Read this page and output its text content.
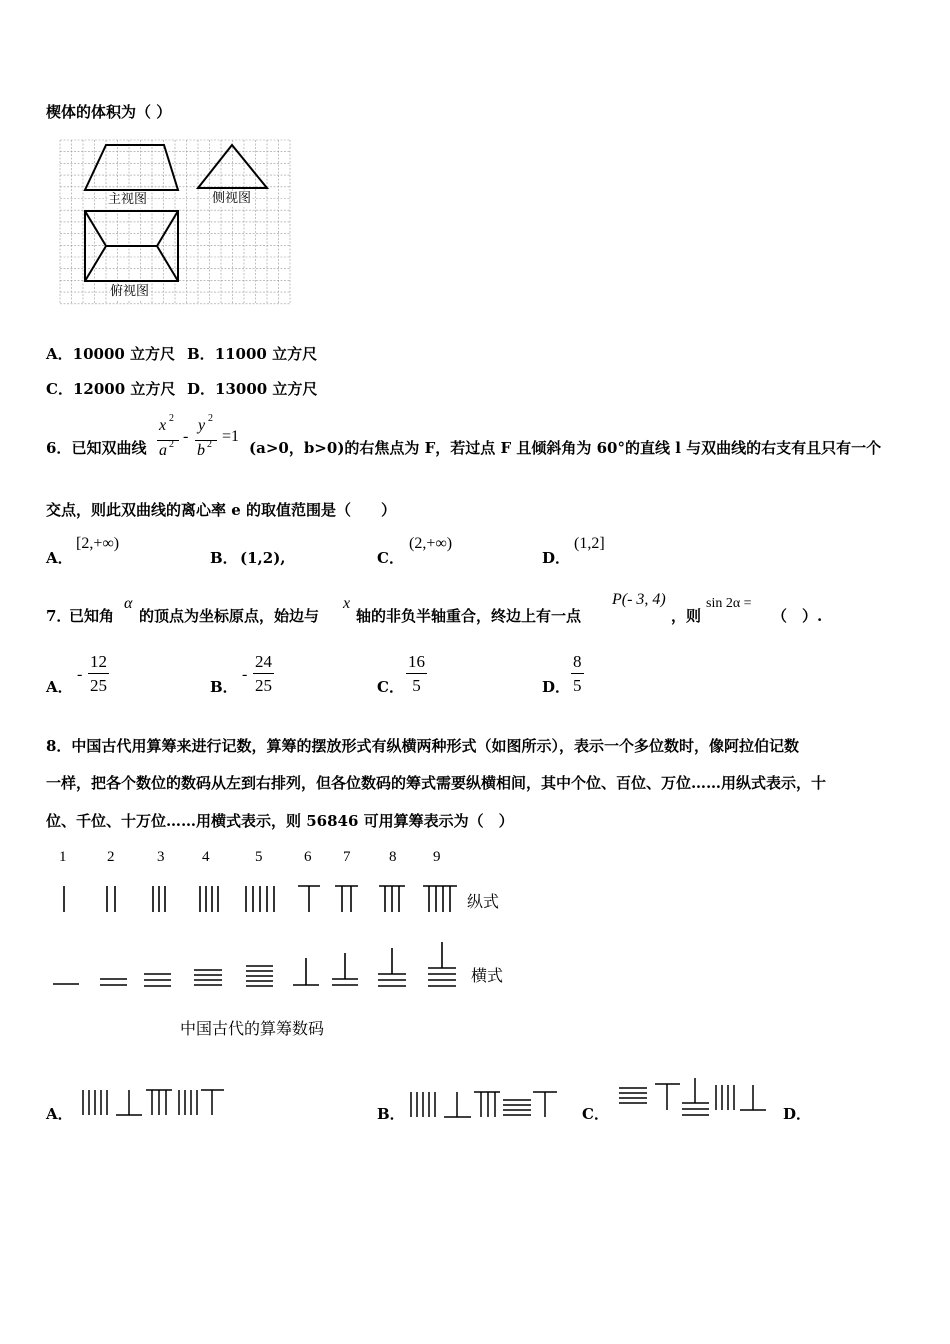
楔体的体积为（ ）
主视图	侧视图
俯视图
A．10000 立方尺 B．11000 立方尺
C．12000 立方尺 D．13000 立方尺
6．已知双曲线
x 2
a 2 -
y 2
b 2 =1
(a>0，b>0)的右焦点为 F，若过点 F 且倾斜角为 60°的直线 l 与双曲线的右支有且只有一个
交点，则此双曲线的离心率 e 的取值范围是（　　）
A．
[2,+∞)
B． (1,2),	C．
(2,+∞)
D．
(1,2]
7．
已知角
α
的顶点为坐标原点，始边与
x
轴的非负半轴重合，终边上有一点
P(- 3, 4)
，则
sin 2α =
（　）.
A．
- $\frac{12}{25}$	B．
- $\frac{24}{25}$	C． $\frac{16}{5}$	D． $\frac{8}{5}$
8．中国古代用算筹来进行记数，算筹的摆放形式有纵横两种形式（如图所示），表示一个多位数时，像阿拉伯记数
一样，把各个数位的数码从左到右排列，但各位数码的筹式需要纵横相间，其中个位、百位、万位……用纵式表示，十
位、千位、十万位……用横式表示，则 56846 可用算筹表示为（　）
1	2	3	4	5	6 7	8 9
纵式
横式
中国古代的算筹数码
A．	B．	C．	D．
